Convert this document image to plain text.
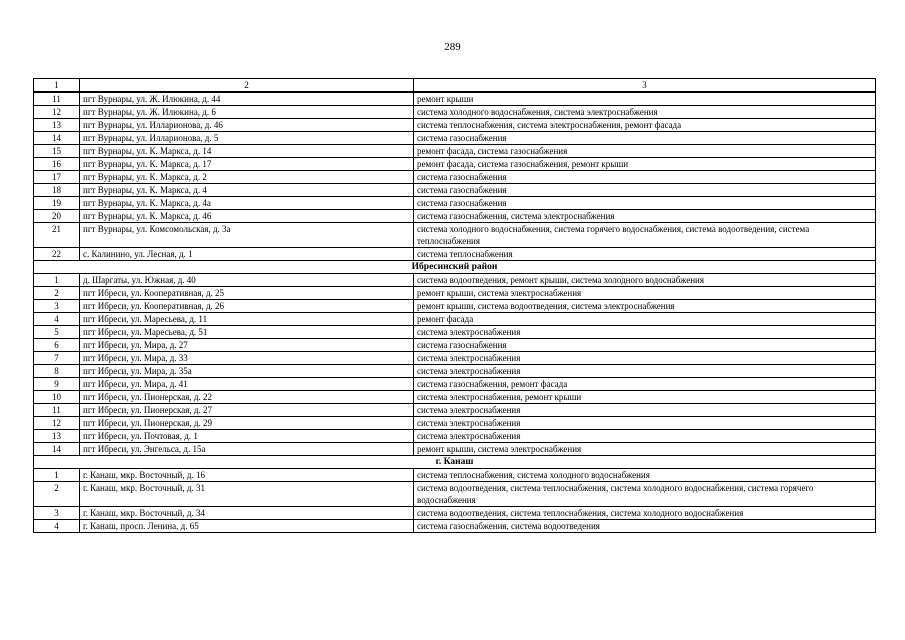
289
1	2	3
11	пгт Вурнары, ул. Ж. Илюкина, д. 44	ремонт крыши
12	пгт Вурнары, ул. Ж. Илюкина, д. 6	система холодного водоснабжения, система электроснабжения
13	пгт Вурнары, ул. Илларионова, д. 46	система теплоснабжения, система электроснабжения, ремонт фасада
14	пгт Вурнары, ул. Илларионова, д. 5	система газоснабжения
15	пгт Вурнары, ул. К. Маркса, д. 14	ремонт фасада, система газоснабжения
16	пгт Вурнары, ул. К. Маркса, д. 17	ремонт фасада, система газоснабжения, ремонт крыши
17	пгт Вурнары, ул. К. Маркса, д. 2	система газоснабжения
18	пгт Вурнары, ул. К. Маркса, д. 4	система газоснабжения
19	пгт Вурнары, ул. К. Маркса, д. 4а	система газоснабжения
20	пгт Вурнары, ул. К. Маркса, д. 46	система газоснабжения, система электроснабжения
21	пгт Вурнары, ул. Комсомольская, д. 3а	система холодного водоснабжения, система горячего водоснабжения, система водоотведения, система теплоснабжения
22	с. Калинино, ул. Лесная, д. 1	система теплоснабжения
Ибресинский район		
1	д. Шаргаты, ул. Южная, д. 40	система водоотведения, ремонт крыши, система холодного водоснабжения
2	пгт Ибреси, ул. Кооперативная, д. 25	ремонт крыши, система электроснабжения
3	пгт Ибреси, ул. Кооперативная, д. 26	ремонт крыши, система водоотведения, система электроснабжения
4	пгт Ибреси, ул. Маресьева, д. 11	ремонт фасада
5	пгт Ибреси, ул. Маресьева, д. 51	система электроснабжения
6	пгт Ибреси, ул. Мира, д. 27	система газоснабжения
7	пгт Ибреси, ул. Мира, д. 33	система электроснабжения
8	пгт Ибреси, ул. Мира, д. 35а	система электроснабжения
9	пгт Ибреси, ул. Мира, д. 41	система газоснабжения, ремонт фасада
10	пгт Ибреси, ул. Пионерская, д. 22	система электроснабжения, ремонт крыши
11	пгт Ибреси, ул. Пионерская, д. 27	система электроснабжения
12	пгт Ибреси, ул. Пионерская, д. 29	система электроснабжения
13	пгт Ибреси, ул. Почтовая, д. 1	система электроснабжения
14	пгт Ибреси, ул. Энгельса, д. 15а	ремонт крыши, система электроснабжения
г. Канаш		
1	г. Канаш, мкр. Восточный, д. 16	система теплоснабжения, система холодного водоснабжения
2	г. Канаш, мкр. Восточный, д. 31	система водоотведения, система теплоснабжения, система холодного водоснабжения, система горячего водоснабжения
3	г. Канаш, мкр. Восточный, д. 34	система водоотведения, система теплоснабжения, система холодного водоснабжения
4	г. Канаш, просп. Ленина, д. 65	система газоснабжения, система водоотведения
